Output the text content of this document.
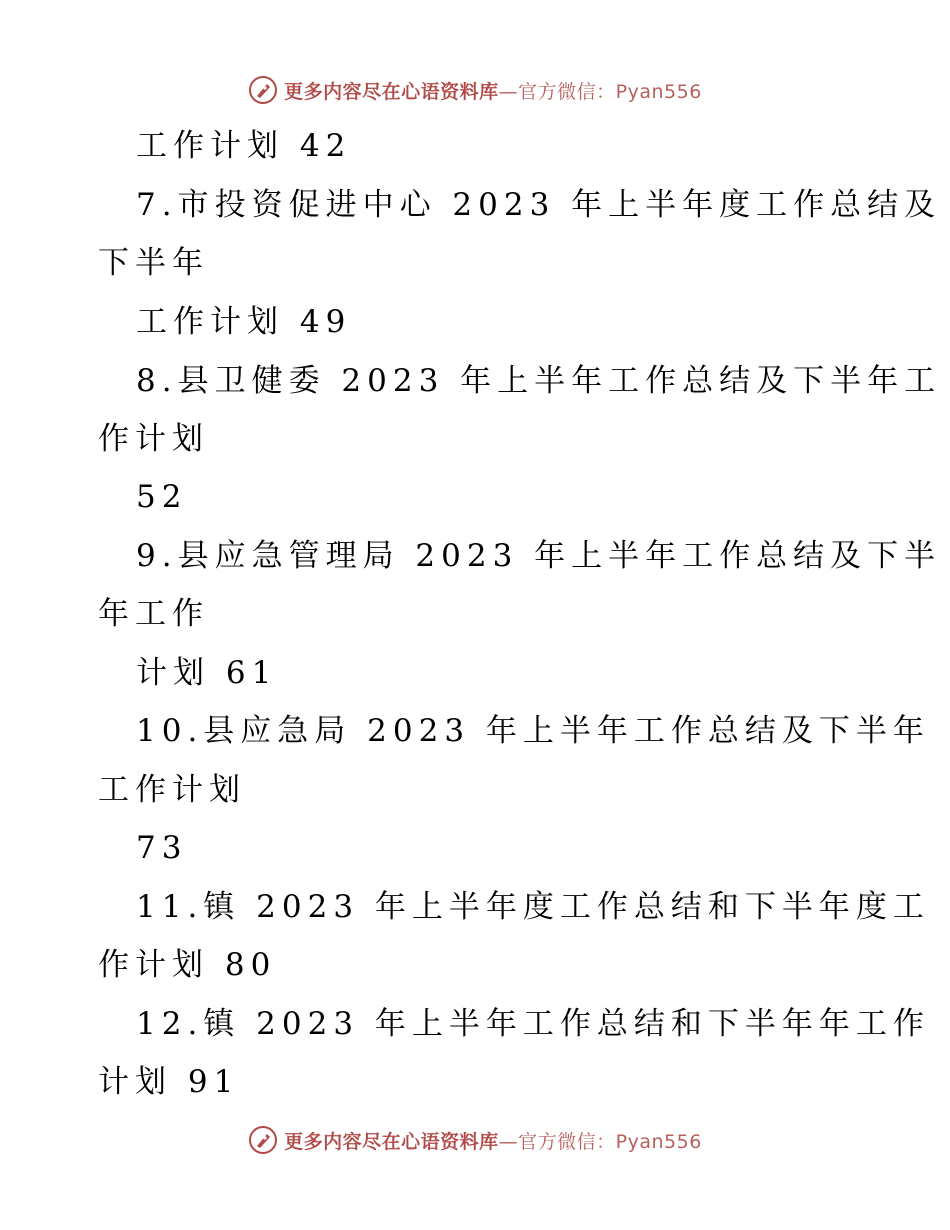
更多内容尽在心语资料库—官方微信：Pyan556
工作计划 42
7.市投资促进中心 2023 年上半年度工作总结及
下半年
工作计划 49
8.县卫健委 2023 年上半年工作总结及下半年工
作计划
52
9.县应急管理局 2023 年上半年工作总结及下半
年工作
计划 61
10.县应急局 2023 年上半年工作总结及下半年
工作计划
73
11.镇 2023 年上半年度工作总结和下半年度工
作计划 80
12.镇 2023 年上半年工作总结和下半年年工作
计划 91
更多内容尽在心语资料库—官方微信：Pyan556
